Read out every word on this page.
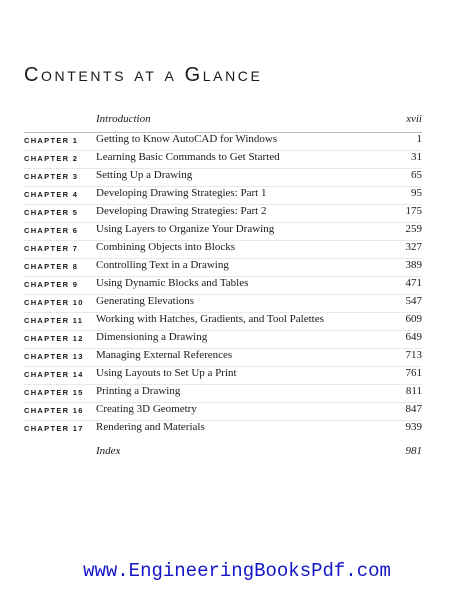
Contents at a Glance
Introduction	xvii
CHAPTER 1 Getting to Know AutoCAD for Windows	1
CHAPTER 2 Learning Basic Commands to Get Started	31
CHAPTER 3 Setting Up a Drawing	65
CHAPTER 4 Developing Drawing Strategies: Part 1	95
CHAPTER 5 Developing Drawing Strategies: Part 2	175
CHAPTER 6 Using Layers to Organize Your Drawing	259
CHAPTER 7 Combining Objects into Blocks	327
CHAPTER 8 Controlling Text in a Drawing	389
CHAPTER 9 Using Dynamic Blocks and Tables	471
CHAPTER 10 Generating Elevations	547
CHAPTER 11 Working with Hatches, Gradients, and Tool Palettes	609
CHAPTER 12 Dimensioning a Drawing	649
CHAPTER 13 Managing External References	713
CHAPTER 14 Using Layouts to Set Up a Print	761
CHAPTER 15 Printing a Drawing	811
CHAPTER 16 Creating 3D Geometry	847
CHAPTER 17 Rendering and Materials	939
Index	981
www.EngineeringBooksPdf.com
